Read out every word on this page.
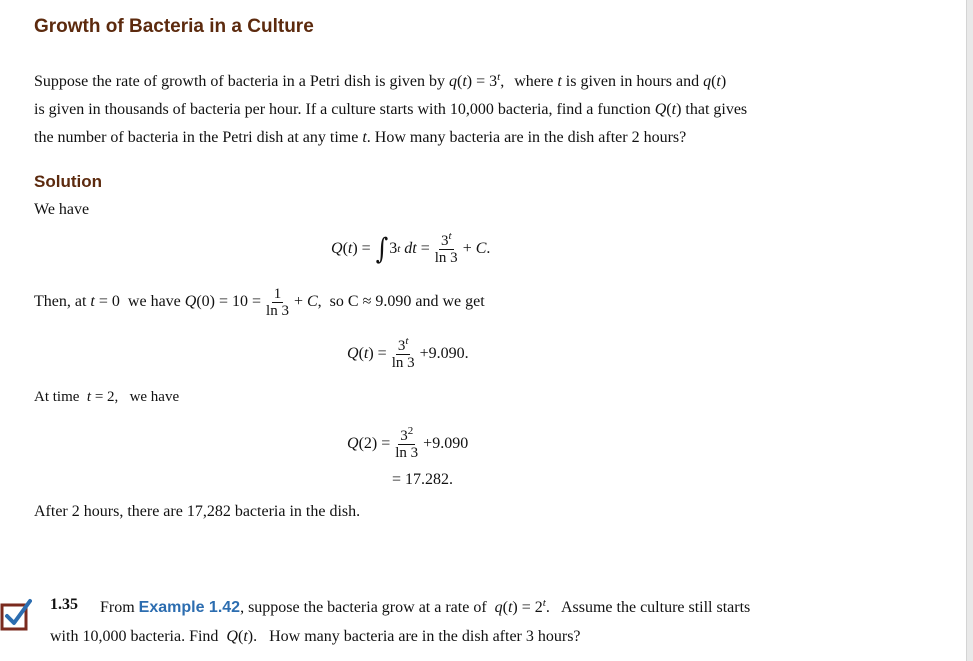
Growth of Bacteria in a Culture
Suppose the rate of growth of bacteria in a Petri dish is given by $q(t) = 3^t$, where t is given in hours and q(t)
is given in thousands of bacteria per hour. If a culture starts with 10,000 bacteria, find a function Q(t) that gives
the number of bacteria in the Petri dish at any time t. How many bacteria are in the dish after 2 hours?
Solution
We have
Q ( t ) = ∫ 3 t
dt = $\frac{3^t}{\ln 3} + C$ .
Then, at
t = 0 we have
Q $(0) = 10 = \frac{1}{\ln 3} + C$ , so
C ≈ 9.090
and we get
Q ( t ) = $\frac{3^t}{\ln 3} + 9.090$ .
At time t = 2,   we have
Q $(2) = \frac{3^2}{\ln 3} + 9.090$
= 17.282.
After 2 hours, there are 17,282 bacteria in the dish.
1.35 From Example 1.42, suppose the bacteria grow at a rate of $q(t) = 2^t$.   Assume the culture still starts
with 10,000 bacteria. Find Q(t).   How many bacteria are in the dish after 3 hours?
